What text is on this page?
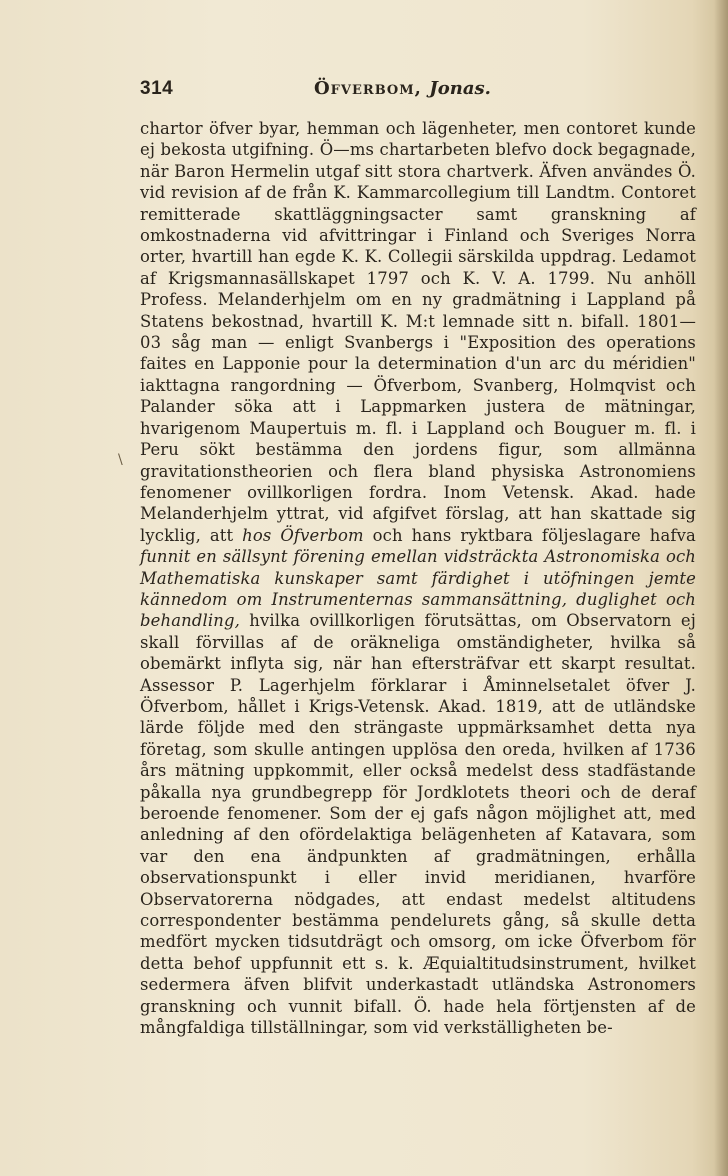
314	Öfverbom, Jonas.
\

chartor öfver byar, hemman och lägenheter, men contoret kunde ej bekosta utgifning. Ö—ms chartarbeten blefvo dock begagnade, när Baron Hermelin utgaf sitt stora chartverk. Äfven användes Ö. vid revision af de från K. Kammarcollegium till Landtm. Contoret remitterade skattläggningsacter samt granskning af omkostnaderna vid afvittringar i Finland och Sveriges Norra orter, hvartill han egde K. K. Collegii särskilda uppdrag. Ledamot af Krigsmannasällskapet 1797 och K. V. A. 1799. Nu anhöll Profess. Melanderhjelm om en ny gradmätning i Lappland på Statens bekostnad, hvartill K. M:t lemnade sitt n. bifall. 1801—03 såg man — enligt Svanbergs i "Exposition des operations faites en Lapponie pour la determination d'un arc du méridien" iakttagna rangordning — Öfverbom, Svanberg, Holmqvist och Palander söka att i Lappmarken justera de mätningar, hvarigenom Maupertuis m. fl. i Lappland och Bouguer m. fl. i Peru sökt bestämma den jordens figur, som allmänna gravitationstheorien och flera bland physiska Astronomiens fenomener ovillkorligen fordra. Inom Vetensk. Akad. hade Melanderhjelm yttrat, vid afgifvet förslag, att han skattade sig lycklig, att hos Öfverbom och hans ryktbara följeslagare hafva funnit en sällsynt förening emellan vidsträckta Astronomiska och Mathematiska kunskaper samt färdighet i utöfningen jemte kännedom om Instrumenternas sammansättning, duglighet och behandling, hvilka ovillkorligen förutsättas, om Observatorn ej skall förvillas af de oräkneliga omständigheter, hvilka så obemärkt inflyta sig, när han eftersträfvar ett skarpt resultat. Assessor P. Lagerhjelm förklarar i Åminnelsetalet öfver J. Öfverbom, hållet i Krigs-Vetensk. Akad. 1819, att de utländske lärde följde med den strängaste uppmärksamhet detta nya företag, som skulle antingen upplösa den oreda, hvilken af 1736 års mätning uppkommit, eller också medelst dess stadfästande påkalla nya grundbegrepp för Jordklotets theori och de deraf beroende fenomener. Som der ej gafs någon möjlighet att, med anledning af den ofördelaktiga belägenheten af Katavara, som var den ena ändpunkten af gradmätningen, erhålla observationspunkt i eller invid meridianen, hvarföre Observatorerna nödgades, att endast medelst altitudens correspondenter bestämma pendelurets gång, så skulle detta medfört mycken tidsutdrägt och omsorg, om icke Öfverbom för detta behof uppfunnit ett s. k. Æquialtitudsinstrument, hvilket sedermera äfven blifvit underkastadt utländska Astronomers granskning och vunnit bifall. Ö. hade hela förtjensten af de mångfaldiga tillställningar, som vid verkställigheten be-
